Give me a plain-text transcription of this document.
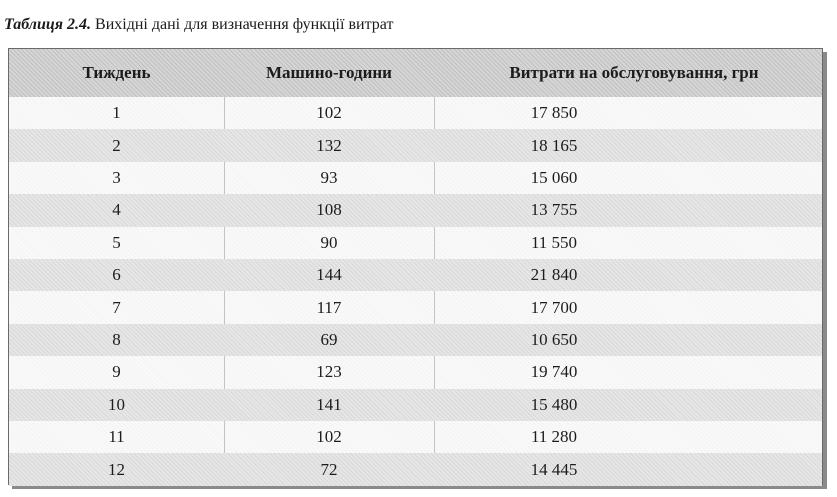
Таблиця 2.4. Вихідні дані для визначення функції витрат
Тиждень	Машино-години	Витрати на обслуговування, грн
1	102	17 850
2	132	18 165
3	93	15 060
4	108	13 755
5	90	11 550
6	144	21 840
7	117	17 700
8	69	10 650
9	123	19 740
10	141	15 480
11	102	11 280
12	72	14 445
